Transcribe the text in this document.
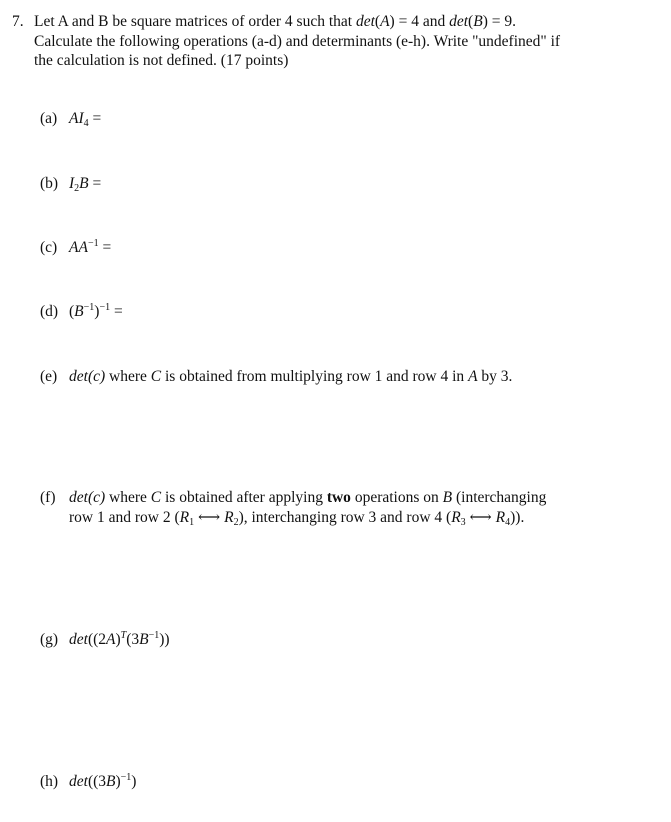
7. Let A and B be square matrices of order 4 such that det(A) = 4 and det(B) = 9.
Calculate the following operations (a-d) and determinants (e-h). Write "undefined" if
the calculation is not defined. (17 points)
(a) $AI_4$ =
(b) $I_2B$ =
(c) $AA^{-1}$ =
(d) $(B^{-1})^{-1}$ =
(e) det(c) where C is obtained from multiplying row 1 and row 4 in A by 3.
(f) det(c) where C is obtained after applying two operations on B (interchanging
row 1 and row 2 ($R_1$ ⟷ $R_2$), interchanging row 3 and row 4 ($R_3$ ⟷ $R_4$)).
(g) $\det((2A)^T(3B^{-1}))$
(h) $\det((3B)^{-1})$
